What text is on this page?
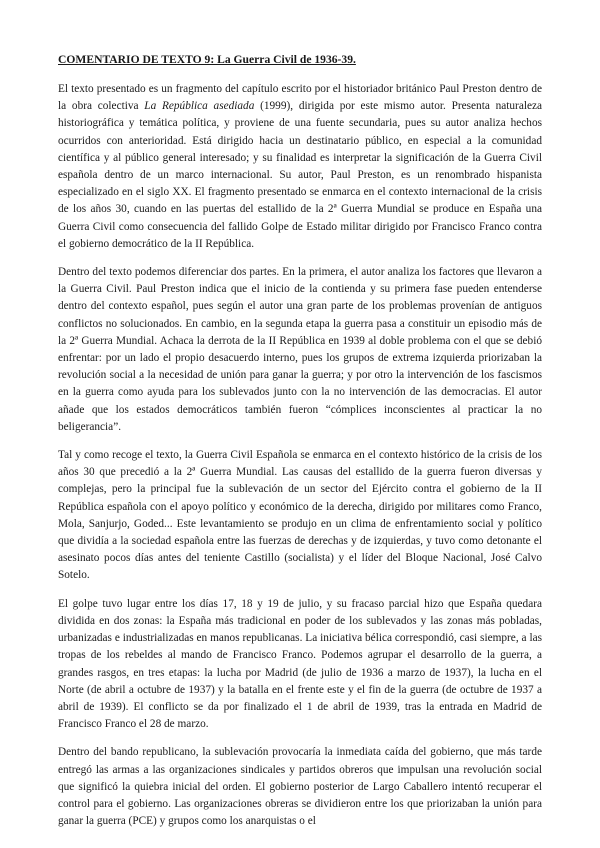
COMENTARIO DE TEXTO 9: La Guerra Civil de 1936-39.

El texto presentado es un fragmento del capítulo escrito por el historiador británico Paul Preston dentro de la obra colectiva La República asediada (1999), dirigida por este mismo autor. Presenta naturaleza historiográfica y temática política, y proviene de una fuente secundaria, pues su autor analiza hechos ocurridos con anterioridad. Está dirigido hacia un destinatario público, en especial a la comunidad científica y al público general interesado; y su finalidad es interpretar la significación de la Guerra Civil española dentro de un marco internacional. Su autor, Paul Preston, es un renombrado hispanista especializado en el siglo XX. El fragmento presentado se enmarca en el contexto internacional de la crisis de los años 30, cuando en las puertas del estallido de la 2ª Guerra Mundial se produce en España una Guerra Civil como consecuencia del fallido Golpe de Estado militar dirigido por Francisco Franco contra el gobierno democrático de la II República.

Dentro del texto podemos diferenciar dos partes. En la primera, el autor analiza los factores que llevaron a la Guerra Civil. Paul Preston indica que el inicio de la contienda y su primera fase pueden entenderse dentro del contexto español, pues según el autor una gran parte de los problemas provenían de antiguos conflictos no solucionados. En cambio, en la segunda etapa la guerra pasa a constituir un episodio más de la 2ª Guerra Mundial. Achaca la derrota de la II República en 1939 al doble problema con el que se debió enfrentar: por un lado el propio desacuerdo interno, pues los grupos de extrema izquierda priorizaban la revolución social a la necesidad de unión para ganar la guerra; y por otro la intervención de los fascismos en la guerra como ayuda para los sublevados junto con la no intervención de las democracias. El autor añade que los estados democráticos también fueron “cómplices inconscientes al practicar la no beligerancia”.

Tal y como recoge el texto, la Guerra Civil Española se enmarca en el contexto histórico de la crisis de los años 30 que precedió a la 2ª Guerra Mundial. Las causas del estallido de la guerra fueron diversas y complejas, pero la principal fue la sublevación de un sector del Ejército contra el gobierno de la II República española con el apoyo político y económico de la derecha, dirigido por militares como Franco, Mola, Sanjurjo, Goded... Este levantamiento se produjo en un clima de enfrentamiento social y político que dividía a la sociedad española entre las fuerzas de derechas y de izquierdas, y tuvo como detonante el asesinato pocos días antes del teniente Castillo (socialista) y el líder del Bloque Nacional, José Calvo Sotelo.

El golpe tuvo lugar entre los días 17, 18 y 19 de julio, y su fracaso parcial hizo que España quedara dividida en dos zonas: la España más tradicional en poder de los sublevados y las zonas más pobladas, urbanizadas e industrializadas en manos republicanas. La iniciativa bélica correspondió, casi siempre, a las tropas de los rebeldes al mando de Francisco Franco. Podemos agrupar el desarrollo de la guerra, a grandes rasgos, en tres etapas: la lucha por Madrid (de julio de 1936 a marzo de 1937), la lucha en el Norte (de abril a octubre de 1937) y la batalla en el frente este y el fin de la guerra (de octubre de 1937 a abril de 1939). El conflicto se da por finalizado el 1 de abril de 1939, tras la entrada en Madrid de Francisco Franco el 28 de marzo.

Dentro del bando republicano, la sublevación provocaría la inmediata caída del gobierno, que más tarde entregó las armas a las organizaciones sindicales y partidos obreros que impulsan una revolución social que significó la quiebra inicial del orden. El gobierno posterior de Largo Caballero intentó recuperar el control para el gobierno. Las organizaciones obreras se dividieron entre los que priorizaban la unión para ganar la guerra (PCE) y grupos como los anarquistas o el
